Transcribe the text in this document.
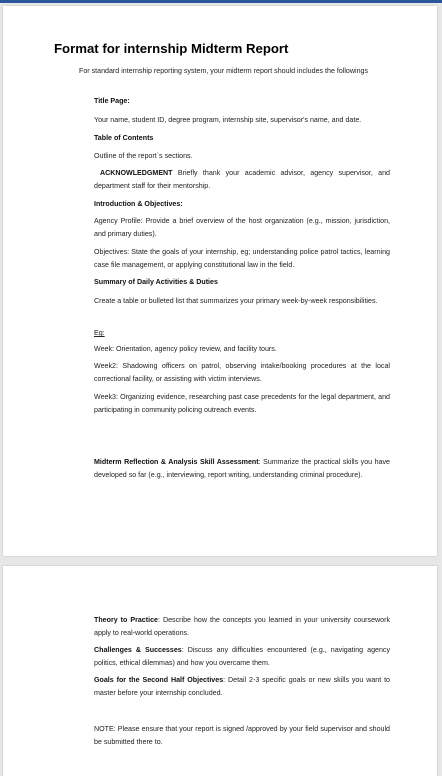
Format for internship Midterm Report
For standard internship reporting system, your midterm report should includes the followings
Title Page:
Your name, student ID, degree program, internship site, supervisor's name, and date.
Table of Contents
Outline of the report`s sections.
ACKNOWLEDGMENT Briefly thank your academic advisor, agency supervisor, and department staff for their mentorship.
Introduction & Objectives:
Agency Profile: Provide a brief overview of the host organization (e.g., mission, jurisdiction, and primary duties).
Objectives: State the goals of your internship, eg; understanding police patrol tactics, learning case file management, or applying constitutional law in the field.
Summary of Daily Activities & Duties
Create a table or bulleted list that summarizes your primary week-by-week responsibilities.
Eg:
Week: Orientation, agency policy review, and facility tours.
Week2: Shadowing officers on patrol, observing intake/booking procedures at the local correctional facility, or assisting with victim interviews.
Week3: Organizing evidence, researching past case precedents for the legal department, and participating in community policing outreach events.
Midterm Reflection & Analysis Skill Assessment: Summarize the practical skills you have developed so far (e.g., interviewing, report writing, understanding criminal procedure).
Theory to Practice: Describe how the concepts you learned in your university coursework apply to real-world operations.
Challenges & Successes: Discuss any difficulties encountered (e.g., navigating agency politics, ethical dilemmas) and how you overcame them.
Goals for the Second Half Objectives: Detail 2-3 specific goals or new skills you want to master before your internship concluded.
NOTE: Please ensure that your report is signed /approved by your field supervisor and should be submitted there to.
